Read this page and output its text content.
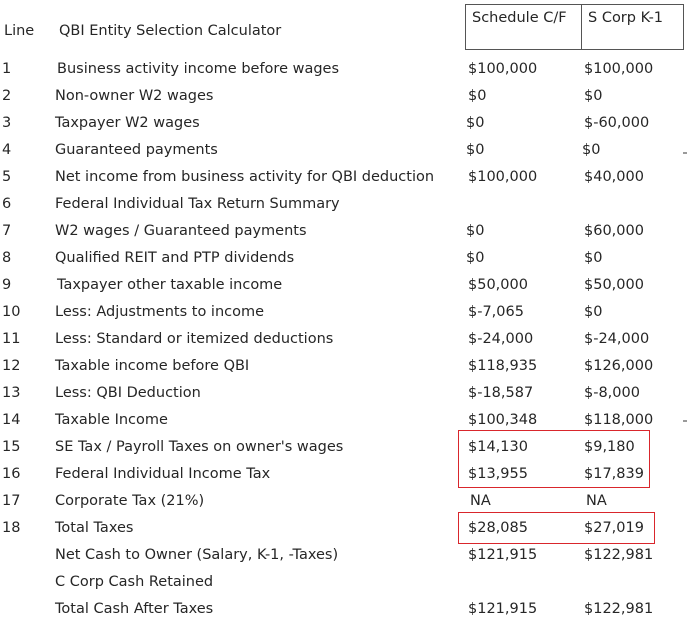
Line QBI Entity Selection Calculator
Schedule C/F S Corp K-1
1	Business activity income before wages	$100,000	$100,000
2	Non-owner W2 wages	$0	$0
3	Taxpayer W2 wages	$0	$-60,000
4	Guaranteed payments	$0	$0
5	Net income from business activity for QBI deduction $100,000	$40,000
6	Federal Individual Tax Return Summary
7	W2 wages / Guaranteed payments	$0	$60,000
8	Qualified REIT and PTP dividends	$0	$0
9	Taxpayer other taxable income	$50,000	$50,000
10 Less: Adjustments to income	$-7,065	$0
11 Less: Standard or itemized deductions	$-24,000	$-24,000
12 Taxable income before QBI	$118,935	$126,000
13 Less: QBI Deduction	$-18,587	$-8,000
14 Taxable Income	$100,348	$118,000
15 SE Tax / Payroll Taxes on owner's wages	$14,130	$9,180
16 Federal Individual Income Tax	$13,955	$17,839
17 Corporate Tax (21%)	NA	NA
18 Total Taxes	$28,085	$27,019
Net Cash to Owner (Salary, K-1, -Taxes)	$121,915	$122,981
C Corp Cash Retained
Total Cash After Taxes	$121,915	$122,981
